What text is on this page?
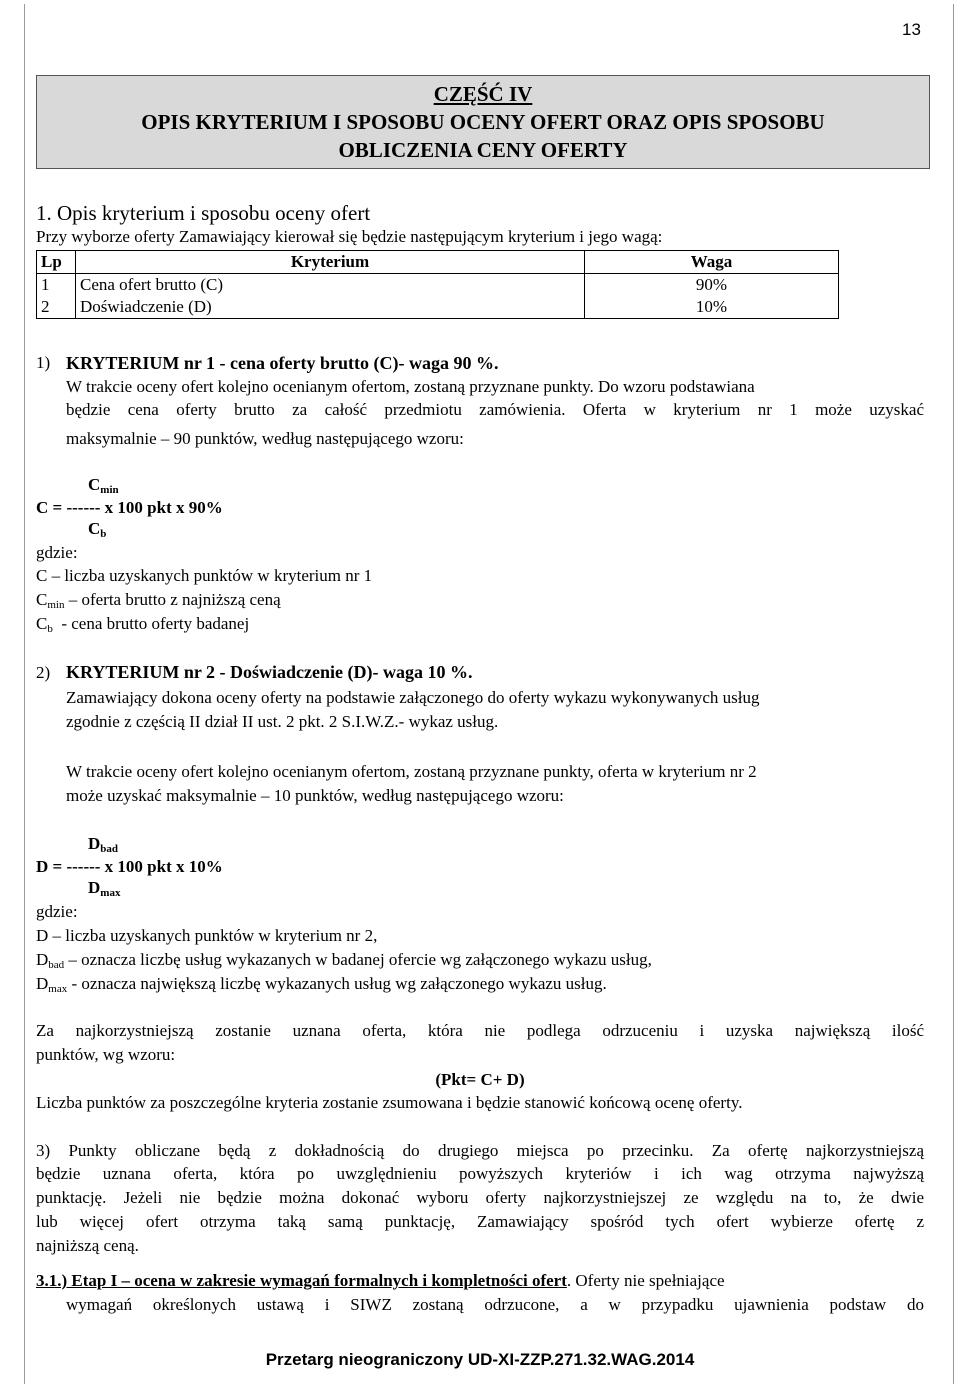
13
CZĘŚĆ IV
OPIS KRYTERIUM I SPOSOBU OCENY OFERT ORAZ OPIS SPOSOBU
OBLICZENIA CENY OFERTY
1. Opis kryterium i sposobu oceny ofert
Przy wyborze oferty Zamawiający kierował się będzie następującym kryterium i jego wagą:
Lp	Kryterium	Waga
1	Cena ofert brutto (C)	90%
2	Doświadczenie (D)	10%
1) KRYTERIUM nr 1 - cena oferty brutto (C)- waga 90 %.
W trakcie oceny ofert kolejno ocenianym ofertom, zostaną przyznane punkty. Do wzoru podstawiana
będzie cena oferty brutto za całość przedmiotu zamówienia. Oferta w kryterium nr 1 może uzyskać
maksymalnie – 90 punktów, według następującego wzoru:
$C_{min}$
C = ------ x 100 pkt x 90%
$C_b$
gdzie:
C – liczba uzyskanych punktów w kryterium nr 1
$C_{min}$ – oferta brutto z najniższą ceną
$C_b$  - cena brutto oferty badanej
2) KRYTERIUM nr 2 - Doświadczenie (D)- waga 10 %.
Zamawiający dokona oceny oferty na podstawie załączonego do oferty wykazu wykonywanych usług
zgodnie z częścią II dział II ust. 2 pkt. 2 S.I.W.Z.- wykaz usług.
W trakcie oceny ofert kolejno ocenianym ofertom, zostaną przyznane punkty, oferta w kryterium nr 2
może uzyskać maksymalnie – 10 punktów, według następującego wzoru:
$D_{bad}$
D = ------ x 100 pkt x 10%
$D_{max}$
gdzie:
D – liczba uzyskanych punktów w kryterium nr 2,
$D_{bad}$ – oznacza liczbę usług wykazanych w badanej ofercie wg załączonego wykazu usług,
$D_{max}$ - oznacza największą liczbę wykazanych usług wg załączonego wykazu usług.
Za najkorzystniejszą zostanie uznana oferta, która nie podlega odrzuceniu i uzyska największą ilość
punktów, wg wzoru:
(Pkt= C+ D)
Liczba punktów za poszczególne kryteria zostanie zsumowana i będzie stanowić końcową ocenę oferty.
3) Punkty obliczane będą z dokładnością do drugiego miejsca po przecinku. Za ofertę najkorzystniejszą
będzie uznana oferta, która po uwzględnieniu powyższych kryteriów i ich wag otrzyma najwyższą
punktację. Jeżeli nie będzie można dokonać wyboru oferty najkorzystniejszej ze względu na to, że dwie
lub więcej ofert otrzyma taką samą punktację, Zamawiający spośród tych ofert wybierze ofertę z
najniższą ceną.
3.1.) Etap I – ocena w zakresie wymagań formalnych i kompletności ofert. Oferty nie spełniające
wymagań określonych ustawą i SIWZ zostaną odrzucone, a w przypadku ujawnienia podstaw do
Przetarg nieograniczony UD-XI-ZZP.271.32.WAG.2014
